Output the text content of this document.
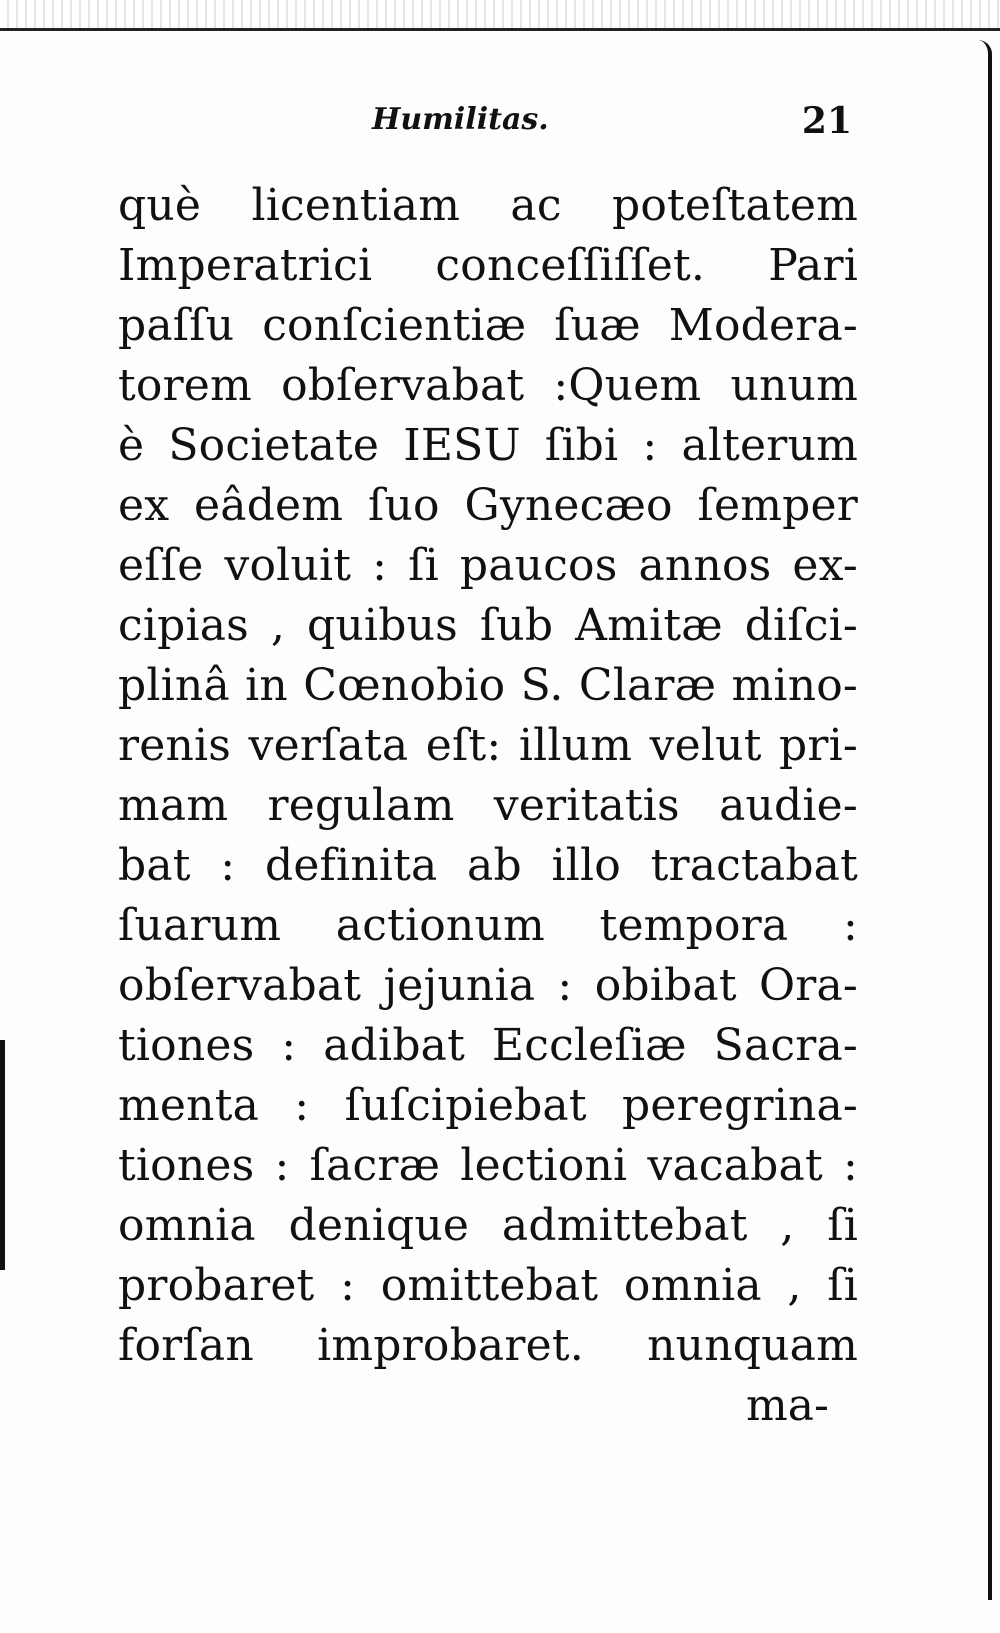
Humilitas.	21
què licentiam ac poteſtatem
Imperatrici conceſſiſſet. Pari
paſſu conſcientiæ ſuæ Modera-
torem obſervabat :Quem unum
è Societate IESU ſibi : alterum
ex eâdem ſuo Gynecæo ſemper
eſſe voluit : ſi paucos annos ex-
cipias , quibus ſub Amitæ diſci-
plinâ in Cœnobio S. Claræ mino-
renis verſata eſt: illum velut pri-
mam regulam veritatis audie-
bat : definita ab illo tractabat
ſuarum actionum tempora :
obſervabat jejunia : obibat Ora-
tiones : adibat Eccleſiæ Sacra-
menta : ſuſcipiebat peregrina-
tiones : ſacræ lectioni vacabat :
omnia denique admittebat , ſi
probaret : omittebat omnia , ſi
forſan improbaret. nunquam
ma-
